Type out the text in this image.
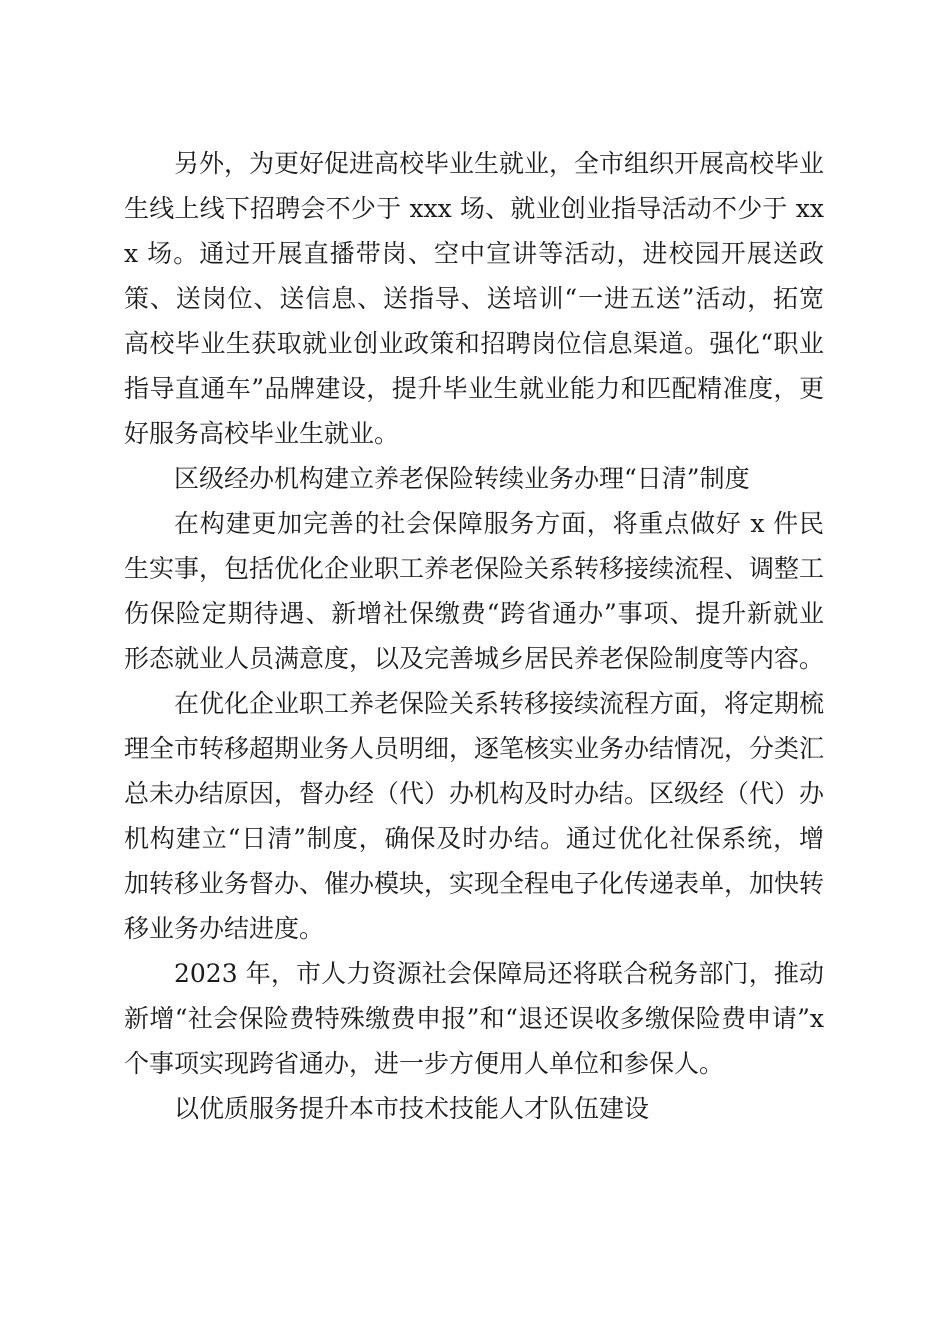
另外，为更好促进高校毕业生就业，全市组织开展高校毕业生线上线下招聘会不少于 xxx 场、就业创业指导活动不少于 xxx 场。通过开展直播带岗、空中宣讲等活动，进校园开展送政策、送岗位、送信息、送指导、送培训“一进五送”活动，拓宽高校毕业生获取就业创业政策和招聘岗位信息渠道。强化“职业指导直通车”品牌建设，提升毕业生就业能力和匹配精准度，更好服务高校毕业生就业。

区级经办机构建立养老保险转续业务办理“日清”制度

在构建更加完善的社会保障服务方面，将重点做好 x 件民生实事，包括优化企业职工养老保险关系转移接续流程、调整工伤保险定期待遇、新增社保缴费“跨省通办”事项、提升新就业形态就业人员满意度，以及完善城乡居民养老保险制度等内容。

在优化企业职工养老保险关系转移接续流程方面，将定期梳理全市转移超期业务人员明细，逐笔核实业务办结情况，分类汇总未办结原因，督办经（代）办机构及时办结。区级经（代）办机构建立“日清”制度，确保及时办结。通过优化社保系统，增加转移业务督办、催办模块，实现全程电子化传递表单，加快转移业务办结进度。

2023 年，市人力资源社会保障局还将联合税务部门，推动新增“社会保险费特殊缴费申报”和“退还误收多缴保险费申请”x 个事项实现跨省通办，进一步方便用人单位和参保人。

以优质服务提升本市技术技能人才队伍建设
